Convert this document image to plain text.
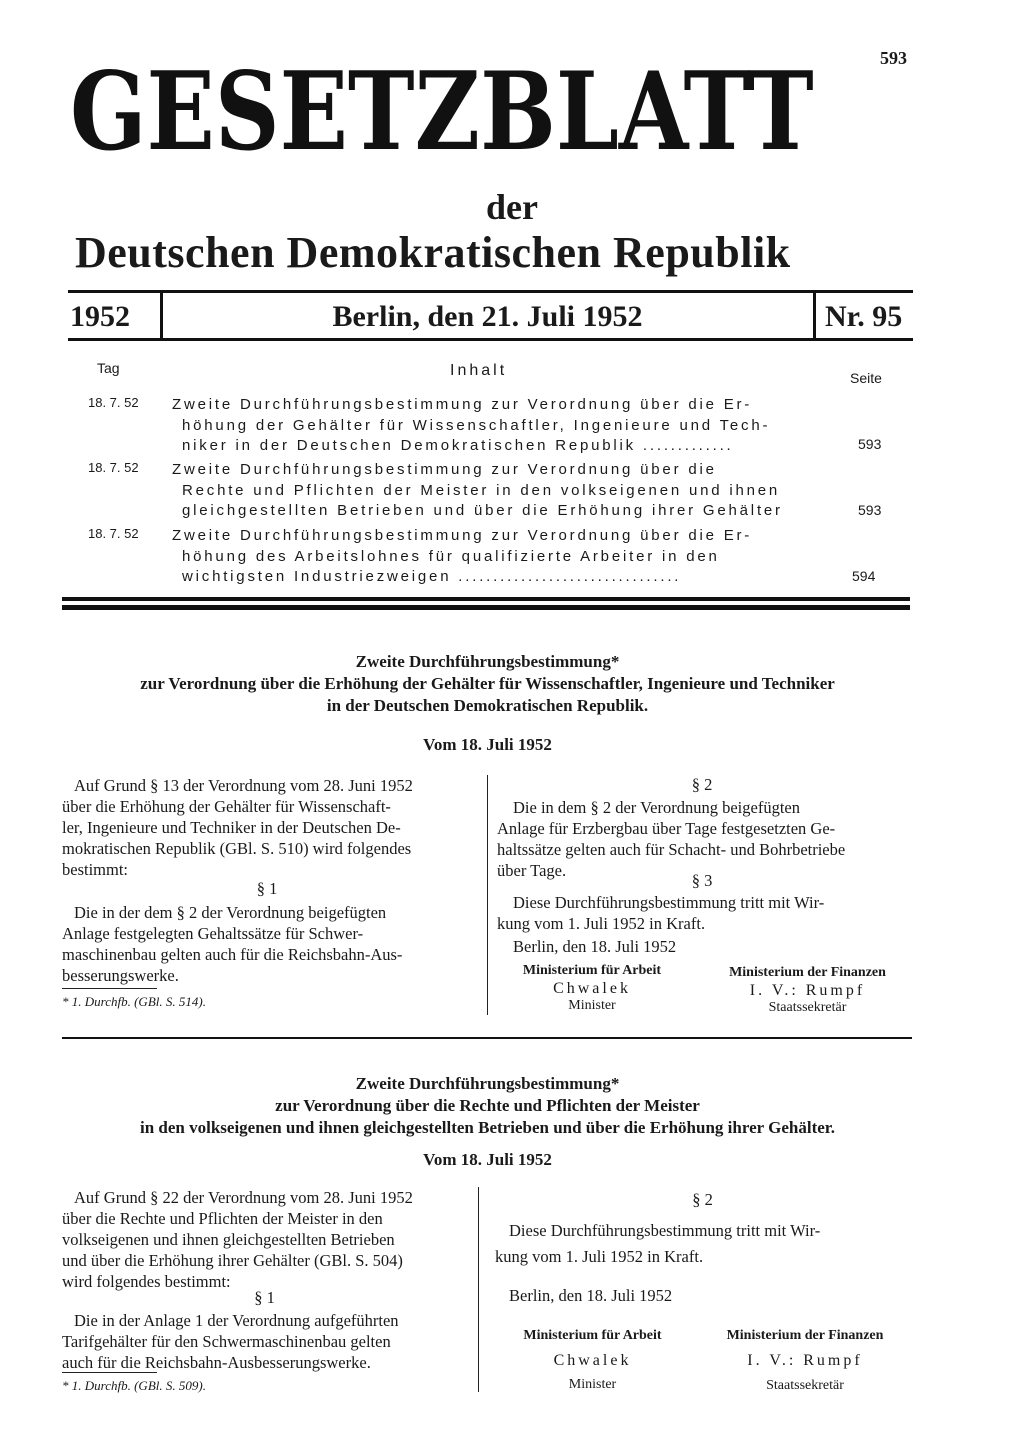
593
GESETZBLATT
der
Deutschen Demokratischen Republik
1952	Berlin, den 21. Juli 1952	Nr. 95
Tag	Inhalt	Seite
18. 7. 52 Zweite Durchführungsbestimmung zur Verordnung über die Er-
höhung der Gehälter für Wissenschaftler, Ingenieure und Tech-
niker in der Deutschen Demokratischen Republik .............	593
18. 7. 52 Zweite Durchführungsbestimmung zur Verordnung über die
Rechte und Pflichten der Meister in den volkseigenen und ihnen
gleichgestellten Betrieben und über die Erhöhung ihrer Gehälter	593
18. 7. 52 Zweite Durchführungsbestimmung zur Verordnung über die Er-
höhung des Arbeitslohnes für qualifizierte Arbeiter in den
wichtigsten Industriezweigen ................................	594
Zweite Durchführungsbestimmung*
zur Verordnung über die Erhöhung der Gehälter für Wissenschaftler, Ingenieure und Techniker
in der Deutschen Demokratischen Republik.
Vom 18. Juli 1952
Auf Grund § 13 der Verordnung vom 28. Juni 1952
über die Erhöhung der Gehälter für Wissenschaft-
ler, Ingenieure und Techniker in der Deutschen De-
mokratischen Republik (GBl. S. 510) wird folgendes
bestimmt:
§ 1
Die in der dem § 2 der Verordnung beigefügten
Anlage festgelegten Gehaltssätze für Schwer-
maschinenbau gelten auch für die Reichsbahn-Aus-
besserungswerke.
* 1. Durchfb. (GBl. S. 514).
§ 2
Die in dem § 2 der Verordnung beigefügten
Anlage für Erzbergbau über Tage festgesetzten Ge-
haltssätze gelten auch für Schacht- und Bohrbetriebe
über Tage.
§ 3
Diese Durchführungsbestimmung tritt mit Wir-
kung vom 1. Juli 1952 in Kraft.
Berlin, den 18. Juli 1952
Ministerium für Arbeit
Chwalek
Minister
Ministerium der Finanzen
I. V.: Rumpf
Staatssekretär
Zweite Durchführungsbestimmung*
zur Verordnung über die Rechte und Pflichten der Meister
in den volkseigenen und ihnen gleichgestellten Betrieben und über die Erhöhung ihrer Gehälter.
Vom 18. Juli 1952
Auf Grund § 22 der Verordnung vom 28. Juni 1952
über die Rechte und Pflichten der Meister in den
volkseigenen und ihnen gleichgestellten Betrieben
und über die Erhöhung ihrer Gehälter (GBl. S. 504)
wird folgendes bestimmt:
§ 1
Die in der Anlage 1 der Verordnung aufgeführten
Tarifgehälter für den Schwermaschinenbau gelten
auch für die Reichsbahn-Ausbesserungswerke.
* 1. Durchfb. (GBl. S. 509).
§ 2
Diese Durchführungsbestimmung tritt mit Wir-
kung vom 1. Juli 1952 in Kraft.
Berlin, den 18. Juli 1952
Ministerium für Arbeit
Chwalek
Minister
Ministerium der Finanzen
I. V.: Rumpf
Staatssekretär
